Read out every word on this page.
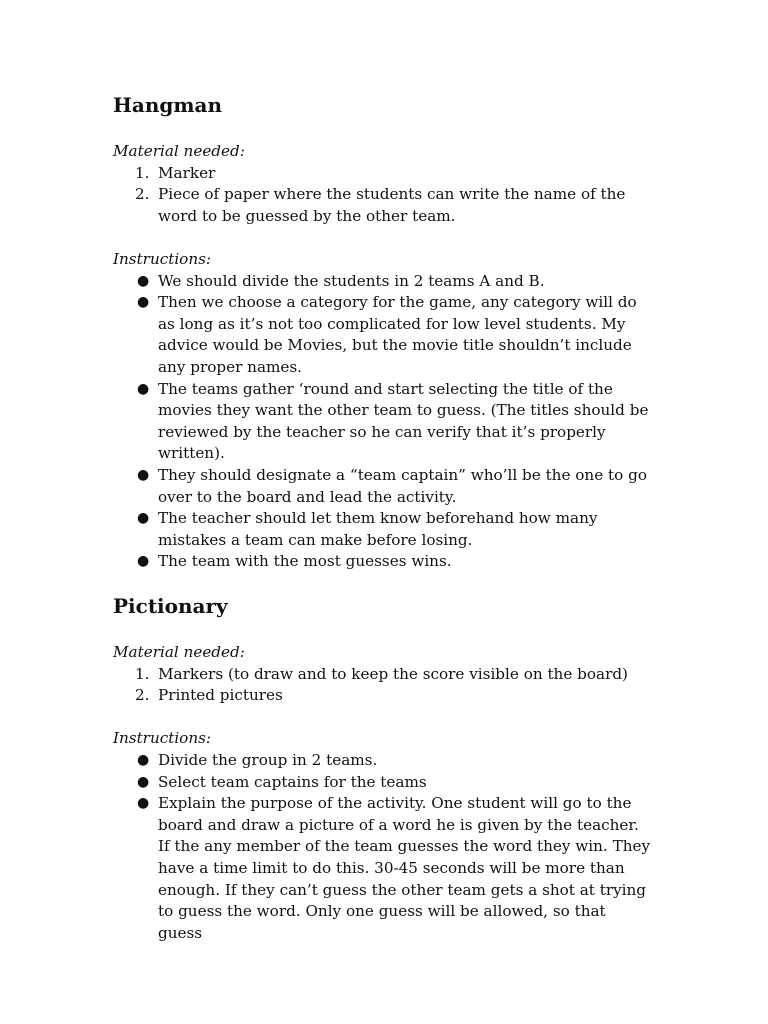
Hangman

Material needed:

1. Marker
2. Piece of paper where the students can write the name of the word to be guessed by the other team.

Instructions:

● We should divide the students in 2 teams A and B.
● Then we choose a category for the game, any category will do as long as it’s not too complicated for low level students. My advice would be Movies, but the movie title shouldn’t include any proper names.
● The teams gather ‘round and start selecting the title of the movies they want the other team to guess. (The titles should be reviewed by the teacher so he can verify that it’s properly written).
● They should designate a “team captain” who’ll be the one to go over to the board and lead the activity.
● The teacher should let them know beforehand how many mistakes a team can make before losing.
● The team with the most guesses wins.
Pictionary

Material needed:

1. Markers (to draw and to keep the score visible on the board)
2. Printed pictures

Instructions:

● Divide the group in 2 teams.
● Select team captains for the teams
● Explain the purpose of the activity. One student will go to the board and draw a picture of a word he is given by the teacher. If the any member of the team guesses the word they win. They have a time limit to do this. 30-45 seconds will be more than enough. If they can’t guess the other team gets a shot at trying to guess the word. Only one guess will be allowed, so that guess
